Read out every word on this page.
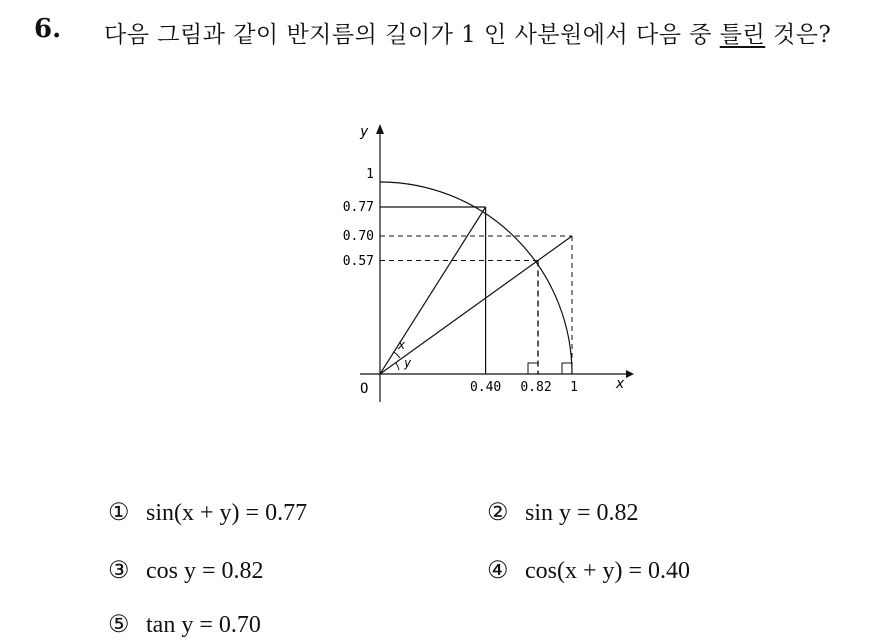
6. 다음 그림과 같이 반지름의 길이가 1 인 사분원에서 다음 중 틀린 것은?
y
x
O
x
y
1
0.77
0.70
0.57
0.40 0.82 1
① sin(x + y) = 0.77	② sin y = 0.82
③ cos y = 0.82	④ cos(x + y) = 0.40
⑤ tan y = 0.70
